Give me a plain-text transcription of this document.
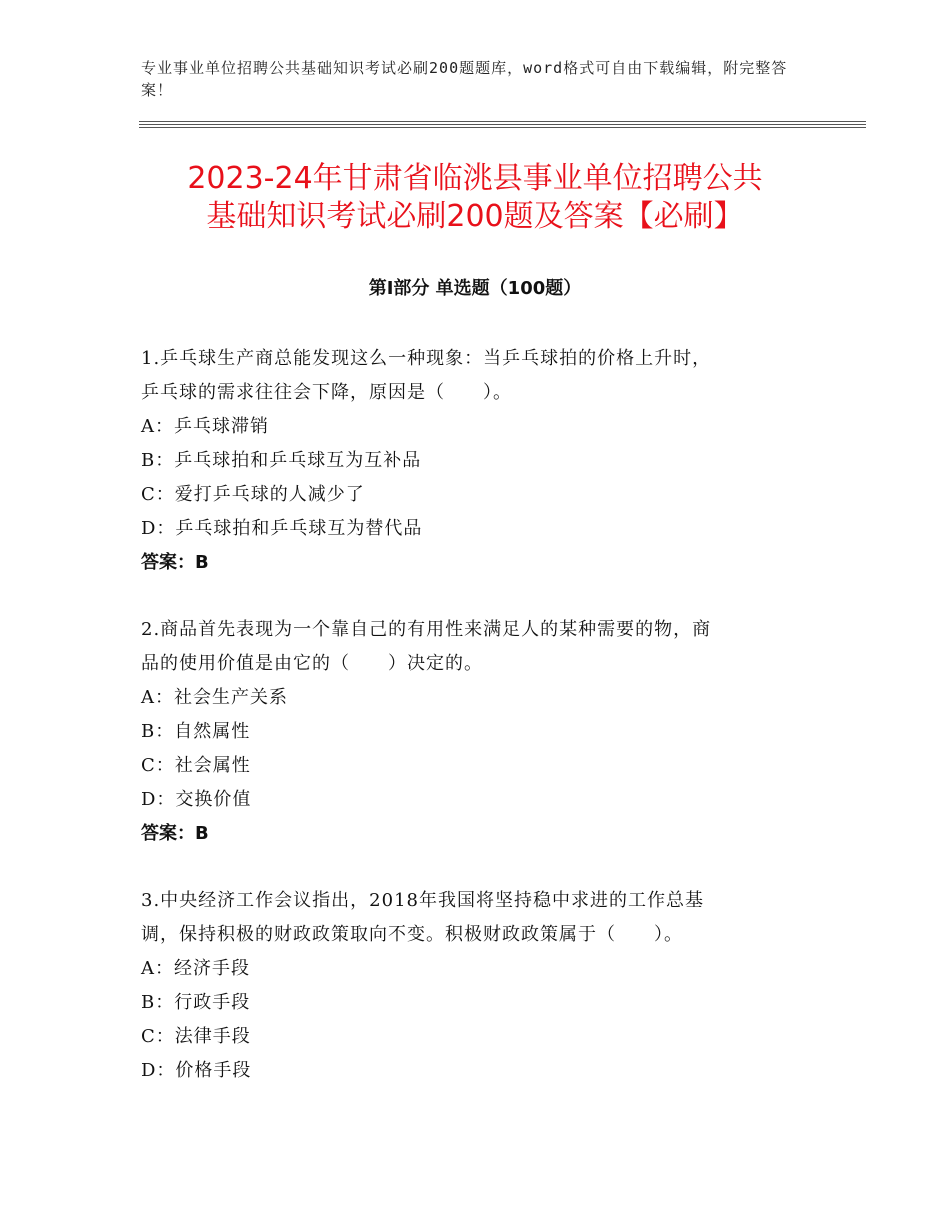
专业事业单位招聘公共基础知识考试必刷200题题库，word格式可自由下载编辑，附完整答案！
2023-24年甘肃省临洮县事业单位招聘公共
基础知识考试必刷200题及答案【必刷】
第Ⅰ部分 单选题（100题）
1.乒乓球生产商总能发现这么一种现象：当乒乓球拍的价格上升时，
乒乓球的需求往往会下降，原因是（　　）。
A：乒乓球滞销
B：乒乓球拍和乒乓球互为互补品
C：爱打乒乓球的人减少了
D：乒乓球拍和乒乓球互为替代品
答案：B
2.商品首先表现为一个靠自己的有用性来满足人的某种需要的物，商
品的使用价值是由它的（　　）决定的。
A：社会生产关系
B：自然属性
C：社会属性
D：交换价值
答案：B
3.中央经济工作会议指出，2018年我国将坚持稳中求进的工作总基
调，保持积极的财政政策取向不变。积极财政政策属于（　　）。
A：经济手段
B：行政手段
C：法律手段
D：价格手段
